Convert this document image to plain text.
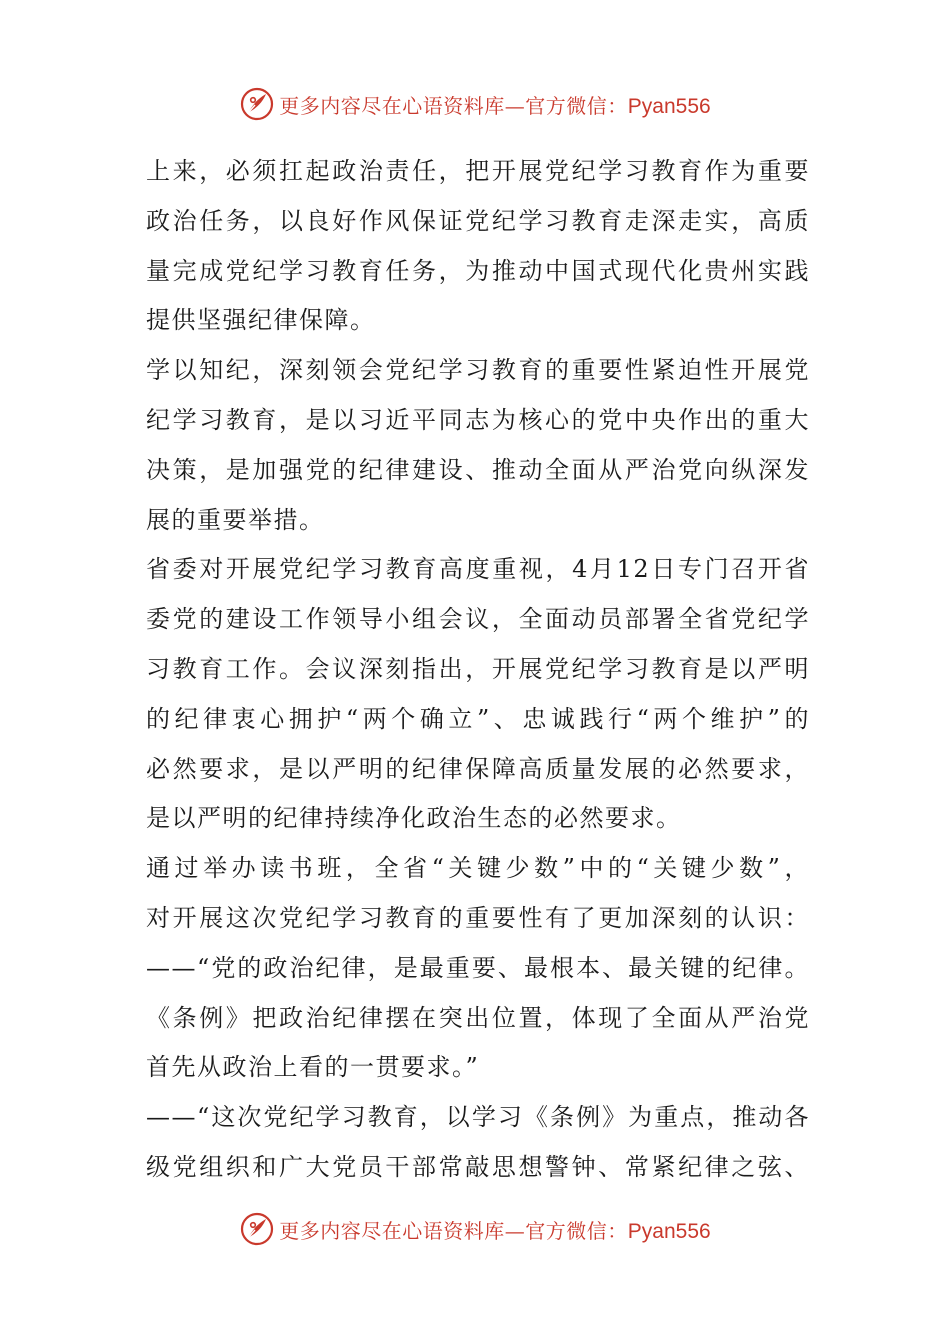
更多内容尽在心语资料库—官方微信：Pyan556
上来，必须扛起政治责任，把开展党纪学习教育作为重要
政治任务，以良好作风保证党纪学习教育走深走实，高质
量完成党纪学习教育任务，为推动中国式现代化贵州实践
提供坚强纪律保障。
学以知纪，深刻领会党纪学习教育的重要性紧迫性开展党
纪学习教育，是以习近平同志为核心的党中央作出的重大
决策，是加强党的纪律建设、推动全面从严治党向纵深发
展的重要举措。
省委对开展党纪学习教育高度重视，4月12日专门召开省
委党的建设工作领导小组会议，全面动员部署全省党纪学
习教育工作。会议深刻指出，开展党纪学习教育是以严明
的纪律衷心拥护“两个确立”、忠诚践行“两个维护”的
必然要求，是以严明的纪律保障高质量发展的必然要求，
是以严明的纪律持续净化政治生态的必然要求。
通过举办读书班，全省“关键少数”中的“关键少数”，
对开展这次党纪学习教育的重要性有了更加深刻的认识：
——“党的政治纪律，是最重要、最根本、最关键的纪律。
《条例》把政治纪律摆在突出位置，体现了全面从严治党
首先从政治上看的一贯要求。”
——“这次党纪学习教育，以学习《条例》为重点，推动各
级党组织和广大党员干部常敲思想警钟、常紧纪律之弦、
更多内容尽在心语资料库—官方微信：Pyan556
